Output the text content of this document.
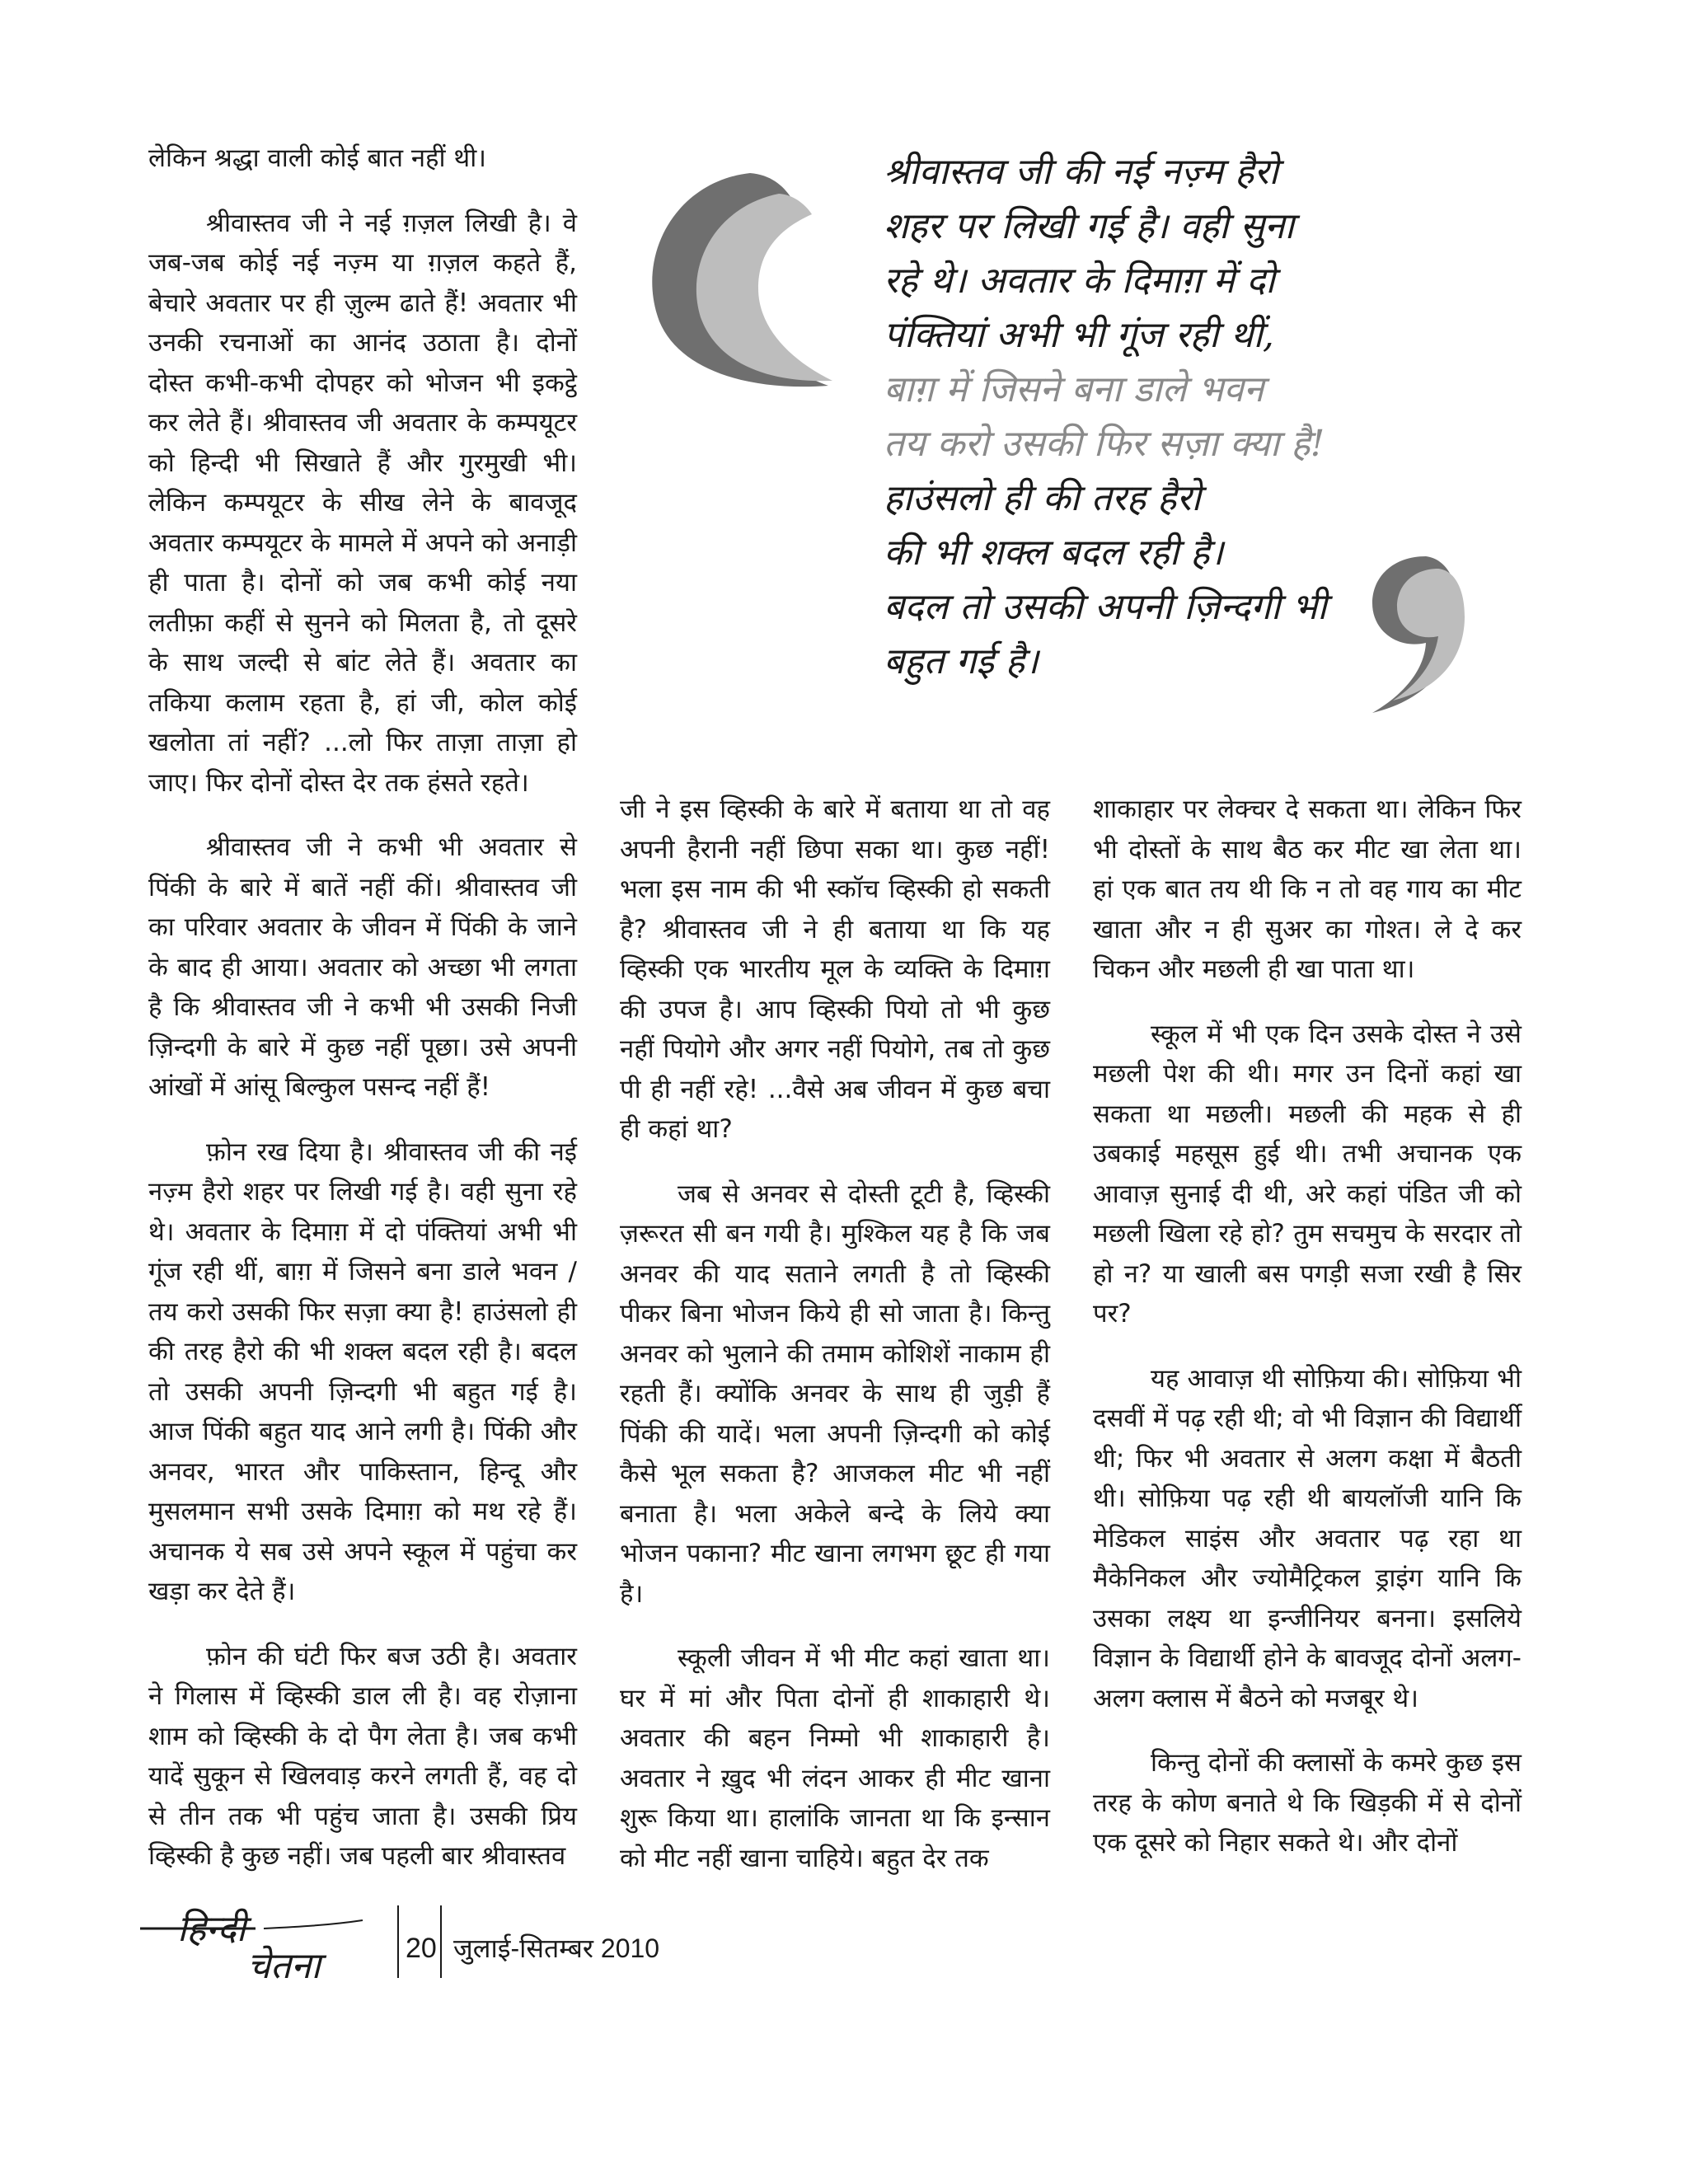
श्रीवास्तव जी की नई नज़्म हैरो
शहर पर लिखी गई है। वही सुना
रहे थे। अवतार के दिमाग़ में दो
पंक्तियां अभी भी गूंज रही थीं,
बाग़ में जिसने बना डाले भवन
तय करो उसकी फिर सज़ा क्या है!
हाउंसलो ही की तरह हैरो
की भी शक्ल बदल रही है।
बदल तो उसकी अपनी ज़िन्दगी भी
बहुत गई है।

लेकिन श्रद्धा वाली कोई बात नहीं थी।

श्रीवास्तव जी ने नई ग़ज़ल लिखी है। वे जब-जब कोई नई नज़्म या ग़ज़ल कहते हैं, बेचारे अवतार पर ही ज़ुल्म ढाते हैं! अवतार भी उनकी रचनाओं का आनंद उठाता है। दोनों दोस्त कभी-कभी दोपहर को भोजन भी इकट्ठे कर लेते हैं। श्रीवास्तव जी अवतार के कम्पयूटर को हिन्दी भी सिखाते हैं और गुरमुखी भी। लेकिन कम्पयूटर के सीख लेने के बावजूद अवतार कम्पयूटर के मामले में अपने को अनाड़ी ही पाता है। दोनों को जब कभी कोई नया लतीफ़ा कहीं से सुनने को मिलता है, तो दूसरे के साथ जल्दी से बांट लेते हैं। अवतार का तकिया कलाम रहता है, हां जी, कोल कोई खलोता तां नहीं? ...लो फिर ताज़ा ताज़ा हो जाए। फिर दोनों दोस्त देर तक हंसते रहते।

श्रीवास्तव जी ने कभी भी अवतार से पिंकी के बारे में बातें नहीं कीं। श्रीवास्तव जी का परिवार अवतार के जीवन में पिंकी के जाने के बाद ही आया। अवतार को अच्छा भी लगता है कि श्रीवास्तव जी ने कभी भी उसकी निजी ज़िन्दगी के बारे में कुछ नहीं पूछा। उसे अपनी आंखों में आंसू बिल्कुल पसन्द नहीं हैं!

फ़ोन रख दिया है। श्रीवास्तव जी की नई नज़्म हैरो शहर पर लिखी गई है। वही सुना रहे थे। अवतार के दिमाग़ में दो पंक्तियां अभी भी गूंज रही थीं, बाग़ में जिसने बना डाले भवन / तय करो उसकी फिर सज़ा क्या है! हाउंसलो ही की तरह हैरो की भी शक्ल बदल रही है। बदल तो उसकी अपनी ज़िन्दगी भी बहुत गई है। आज पिंकी बहुत याद आने लगी है। पिंकी और अनवर, भारत और पाकिस्तान, हिन्दू और मुसलमान सभी उसके दिमाग़ को मथ रहे हैं। अचानक ये सब उसे अपने स्कूल में पहुंचा कर खड़ा कर देते हैं।

फ़ोन की घंटी फिर बज उठी है। अवतार ने गिलास में व्हिस्की डाल ली है। वह रोज़ाना शाम को व्हिस्की के दो पैग लेता है। जब कभी यादें सुकून से खिलवाड़ करने लगती हैं, वह दो से तीन तक भी पहुंच जाता है। उसकी प्रिय व्हिस्की है कुछ नहीं। जब पहली बार श्रीवास्तव

जी ने इस व्हिस्की के बारे में बताया था तो वह अपनी हैरानी नहीं छिपा सका था। कुछ नहीं! भला इस नाम की भी स्कॉच व्हिस्की हो सकती है? श्रीवास्तव जी ने ही बताया था कि यह व्हिस्की एक भारतीय मूल के व्यक्ति के दिमाग़ की उपज है। आप व्हिस्की पियो तो भी कुछ नहीं पियोगे और अगर नहीं पियोगे, तब तो कुछ पी ही नहीं रहे! ...वैसे अब जीवन में कुछ बचा ही कहां था?

जब से अनवर से दोस्ती टूटी है, व्हिस्की ज़रूरत सी बन गयी है। मुश्किल यह है कि जब अनवर की याद सताने लगती है तो व्हिस्की पीकर बिना भोजन किये ही सो जाता है। किन्तु अनवर को भुलाने की तमाम कोशिशें नाकाम ही रहती हैं। क्योंकि अनवर के साथ ही जुड़ी हैं पिंकी की यादें। भला अपनी ज़िन्दगी को कोई कैसे भूल सकता है? आजकल मीट भी नहीं बनाता है। भला अकेले बन्दे के लिये क्या भोजन पकाना? मीट खाना लगभग छूट ही गया है।

स्कूली जीवन में भी मीट कहां खाता था। घर में मां और पिता दोनों ही शाकाहारी थे। अवतार की बहन निम्मो भी शाकाहारी है। अवतार ने ख़ुद भी लंदन आकर ही मीट खाना शुरू किया था। हालांकि जानता था कि इन्सान को मीट नहीं खाना चाहिये। बहुत देर तक

शाकाहार पर लेक्चर दे सकता था। लेकिन फिर भी दोस्तों के साथ बैठ कर मीट खा लेता था। हां एक बात तय थी कि न तो वह गाय का मीट खाता और न ही सुअर का गोश्त। ले दे कर चिकन और मछली ही खा पाता था।

स्कूल में भी एक दिन उसके दोस्त ने उसे मछली पेश की थी। मगर उन दिनों कहां खा सकता था मछली। मछली की महक से ही उबकाई महसूस हुई थी। तभी अचानक एक आवाज़ सुनाई दी थी, अरे कहां पंडित जी को मछली खिला रहे हो? तुम सचमुच के सरदार तो हो न? या खाली बस पगड़ी सजा रखी है सिर पर?

यह आवाज़ थी सोफ़िया की। सोफ़िया भी दसवीं में पढ़ रही थी; वो भी विज्ञान की विद्यार्थी थी; फिर भी अवतार से अलग कक्षा में बैठती थी। सोफ़िया पढ़ रही थी बायलॉजी यानि कि मेडिकल साइंस और अवतार पढ़ रहा था मैकेनिकल और ज्योमैट्रिकल ड्राइंग यानि कि उसका लक्ष्य था इन्जीनियर बनना। इसलिये विज्ञान के विद्यार्थी होने के बावजूद दोनों अलग-अलग क्लास में बैठने को मजबूर थे।

किन्तु दोनों की क्लासों के कमरे कुछ इस तरह के कोण बनाते थे कि खिड़की में से दोनों एक दूसरे को निहार सकते थे। और दोनों

हिन्दी
चेतना	20 जुलाई-सितम्बर 2010
